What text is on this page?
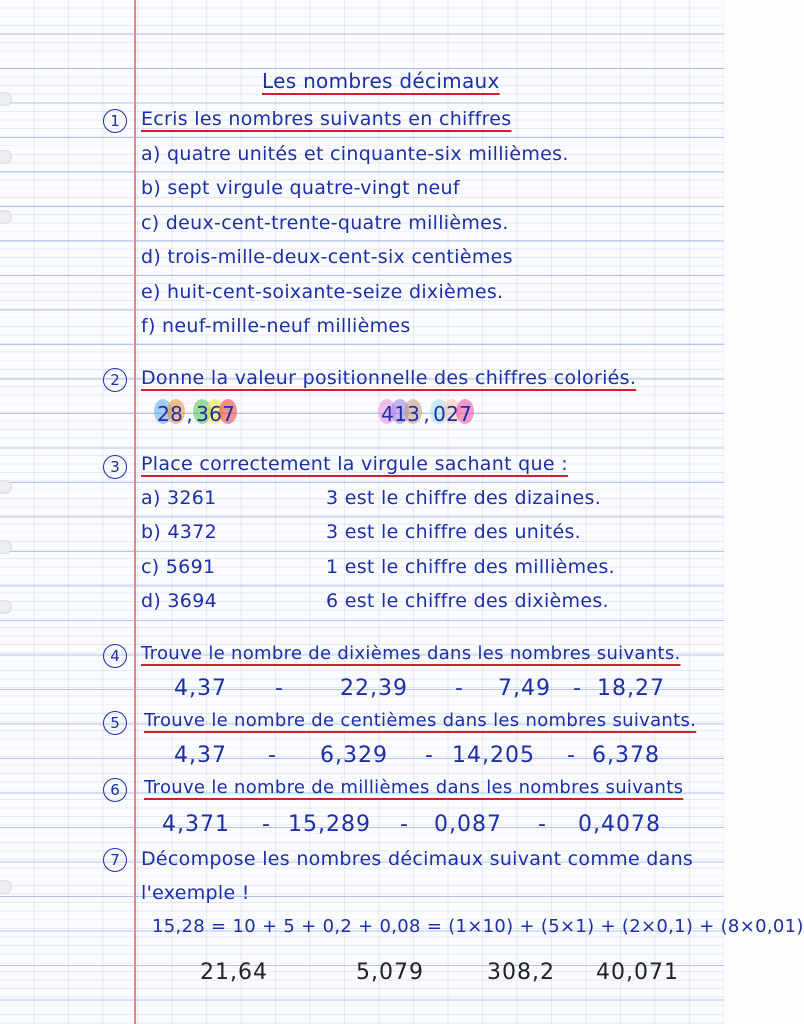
Les nombres décimaux
1	Ecris les nombres suivants en chiffres
a) quatre unités et cinquante-six millièmes.
b) sept virgule quatre-vingt neuf
c) deux-cent-trente-quatre millièmes.
d) trois-mille-deux-cent-six centièmes
e) huit-cent-soixante-seize dixièmes.
f) neuf-mille-neuf millièmes
2	Donne la valeur positionnelle des chiffres coloriés.
2
8 , 3
6
7	4
1
3 , 0
2
7
3	Place correctement la virgule sachant que :
a) 3261	3 est le chiffre des dizaines.
b) 4372	3 est le chiffre des unités.
c) 5691	1 est le chiffre des millièmes.
d) 3694	6 est le chiffre des dixièmes.
4	Trouve le nombre de dixièmes dans les nombres suivants.
4,37 -	22,39 - 7,49 - 18,27
5	Trouve le nombre de centièmes dans les nombres suivants.
4,37 - 6,329 - 14,205 - 6,378
6	Trouve le nombre de millièmes dans les nombres suivants
4,371 - 15,289 - 0,087 - 0,4078
7	Décompose les nombres décimaux suivant comme dans
l'exemple !
15,28 = 10 + 5 + 0,2 + 0,08 = (1×10) + (5×1) + (2×0,1) + (8×0,01)
21,64	5,079	308,2 40,071
